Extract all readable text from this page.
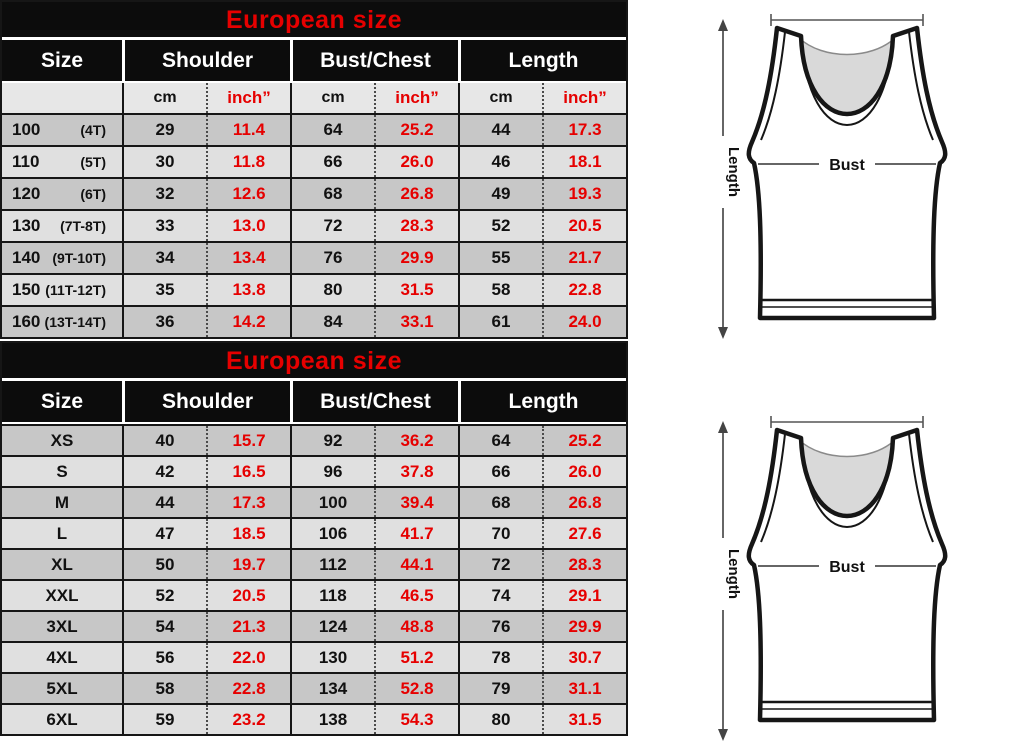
European size
Size	Shoulder	Bust/Chest	Length
cm	inch”	cm	inch”	cm	inch”
100	(4T)	29	11.4	64	25.2	44	17.3
110	(5T)	30	11.8	66	26.0	46	18.1
120	(6T)	32	12.6	68	26.8	49	19.3
130 (7T-8T)	33	13.0	72	28.3	52	20.5
140 (9T-10T)	34	13.4	76	29.9	55	21.7
150 (11T-12T)	35	13.8	80	31.5	58	22.8
160 (13T-14T)	36	14.2	84	33.1	61	24.0
European size
Size	Shoulder	Bust/Chest	Length
XS	40	15.7	92	36.2	64	25.2
S	42	16.5	96	37.8	66	26.0
M	44	17.3	100	39.4	68	26.8
L	47	18.5	106	41.7	70	27.6
XL	50	19.7	112	44.1	72	28.3
XXL	52	20.5	118	46.5	74	29.1
3XL	54	21.3	124	48.8	76	29.9
4XL	56	22.0	130	51.2	78	30.7
5XL	58	22.8	134	52.8	79	31.1
6XL	59	23.2	138	54.3	80	31.5
Bust
Length
Bust
Length
